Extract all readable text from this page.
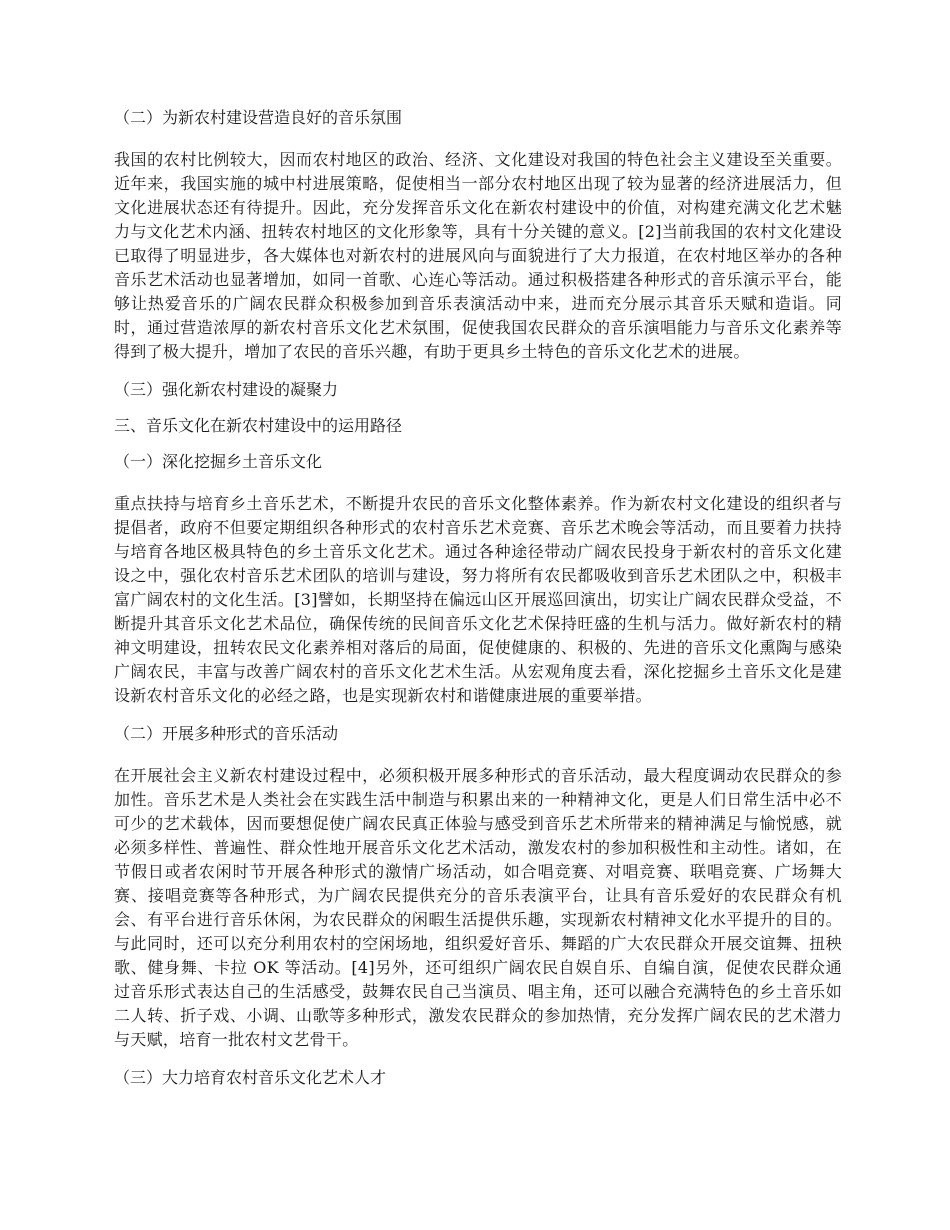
（二）为新农村建设营造良好的音乐氛围
我国的农村比例较大，因而农村地区的政治、经济、文化建设对我国的特色社会主义建设至关重要。近年来，我国实施的城中村进展策略，促使相当一部分农村地区出现了较为显著的经济进展活力，但文化进展状态还有待提升。因此，充分发挥音乐文化在新农村建设中的价值，对构建充满文化艺术魅力与文化艺术内涵、扭转农村地区的文化形象等，具有十分关键的意义。[2]当前我国的农村文化建设已取得了明显进步，各大媒体也对新农村的进展风向与面貌进行了大力报道，在农村地区举办的各种音乐艺术活动也显著增加，如同一首歌、心连心等活动。通过积极搭建各种形式的音乐演示平台，能够让热爱音乐的广阔农民群众积极参加到音乐表演活动中来，进而充分展示其音乐天赋和造诣。同时，通过营造浓厚的新农村音乐文化艺术氛围，促使我国农民群众的音乐演唱能力与音乐文化素养等得到了极大提升，增加了农民的音乐兴趣，有助于更具乡土特色的音乐文化艺术的进展。
（三）强化新农村建设的凝聚力
三、音乐文化在新农村建设中的运用路径
（一）深化挖掘乡土音乐文化
重点扶持与培育乡土音乐艺术，不断提升农民的音乐文化整体素养。作为新农村文化建设的组织者与提倡者，政府不但要定期组织各种形式的农村音乐艺术竞赛、音乐艺术晚会等活动，而且要着力扶持与培育各地区极具特色的乡土音乐文化艺术。通过各种途径带动广阔农民投身于新农村的音乐文化建设之中，强化农村音乐艺术团队的培训与建设，努力将所有农民都吸收到音乐艺术团队之中，积极丰富广阔农村的文化生活。[3]譬如，长期坚持在偏远山区开展巡回演出，切实让广阔农民群众受益，不断提升其音乐文化艺术品位，确保传统的民间音乐文化艺术保持旺盛的生机与活力。做好新农村的精神文明建设，扭转农民文化素养相对落后的局面，促使健康的、积极的、先进的音乐文化熏陶与感染广阔农民，丰富与改善广阔农村的音乐文化艺术生活。从宏观角度去看，深化挖掘乡土音乐文化是建设新农村音乐文化的必经之路，也是实现新农村和谐健康进展的重要举措。
（二）开展多种形式的音乐活动
在开展社会主义新农村建设过程中，必须积极开展多种形式的音乐活动，最大程度调动农民群众的参加性。音乐艺术是人类社会在实践生活中制造与积累出来的一种精神文化，更是人们日常生活中必不可少的艺术载体，因而要想促使广阔农民真正体验与感受到音乐艺术所带来的精神满足与愉悦感，就必须多样性、普遍性、群众性地开展音乐文化艺术活动，激发农村的参加积极性和主动性。诸如，在节假日或者农闲时节开展各种形式的激情广场活动，如合唱竞赛、对唱竞赛、联唱竞赛、广场舞大赛、接唱竞赛等各种形式，为广阔农民提供充分的音乐表演平台，让具有音乐爱好的农民群众有机会、有平台进行音乐休闲，为农民群众的闲暇生活提供乐趣，实现新农村精神文化水平提升的目的。与此同时，还可以充分利用农村的空闲场地，组织爱好音乐、舞蹈的广大农民群众开展交谊舞、扭秧歌、健身舞、卡拉 OK 等活动。[4]另外，还可组织广阔农民自娱自乐、自编自演，促使农民群众通过音乐形式表达自己的生活感受，鼓舞农民自己当演员、唱主角，还可以融合充满特色的乡土音乐如二人转、折子戏、小调、山歌等多种形式，激发农民群众的参加热情，充分发挥广阔农民的艺术潜力与天赋，培育一批农村文艺骨干。
（三）大力培育农村音乐文化艺术人才
